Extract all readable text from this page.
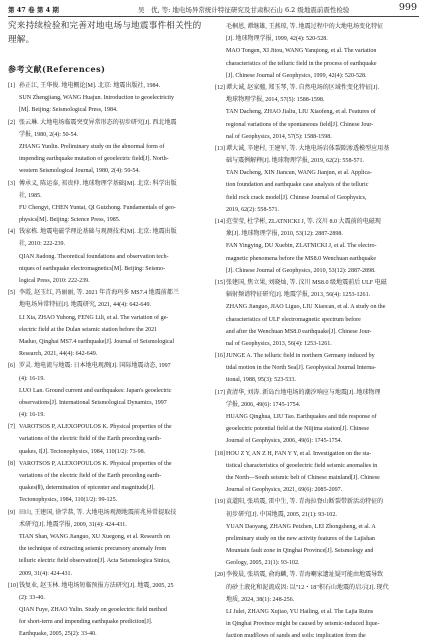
第 47 卷 第 4 期	吴　优, 等: 地电场异常统计特征研究及甘肃积石山 6.2 级地震前震性检验	999
究来持续检验和完善对地电场与地震事件相关性的
理解。
参考文献(References)
[1] 孙正江, 王华俊. 地电概论[M]. 北京: 地震出版社, 1984.
SUN Zhengjiang, WANG Huajun. Introduction to geoelectricity
[M]. Beijing: Seismological Press, 1984.
[2] 张云琳. 大地电场临震突变异常形态的初步研究[J]. 西北地震
学报, 1980, 2(4): 50-54.
ZHANG Yunlin. Preliminary study on the abnormal form of
impending earthquake mutation of geoelectric field[J]. North-
western Seismological Journal, 1980, 2(4): 50-54.
[3] 傅承义, 陈运泰, 祁贵仲. 地球物理学基础[M]. 北京: 科学出版
社, 1985.
FU Chengyi, CHEN Yuntai, QI Guizhong. Fundamentals of geo-
physics[M]. Beijing: Science Press, 1985.
[4] 钱家栋. 地震电磁学理论基础与观测技术[M]. 北京: 地震出版
社, 2010: 222-239.
QIAN Jiadong. Theoretical foundations and observation tech-
niques of earthquake electromagnetics[M]. Beijing: Seismo-
logical Press, 2010: 222-239.
[5] 李霞, 赵玉红, 冯丽丽, 等. 2021 年青海玛多 MS7.4 地震前都兰
地电场异常特征[J]. 地震研究, 2021, 44(4): 642-649.
LI Xia, ZHAO Yuhong, FENG Lili, et al. The variation of ge-
electric field at the Dulan seismic station before the 2021
Maduo, Qinghai MS7.4 earthquake[J]. Journal of Seismological
Research, 2021, 44(4): 642-649.
[6] 罗灵. 地电流与地震: 日本地电观测[J]. 国际地震动态, 1997
(4): 16-19.
LUO Lan. Ground current and earthquakes: Japan's geoelectric
observations[J]. International Seismological Dynamics, 1997
(4): 16-19.
[7] VAROTSOS P, ALEXOPOULOS K. Physical properties of the
variations of the electric field of the Earth preceding earth-
quakes, I[J]. Tectonophysics, 1984, 110(1/2): 73-98.
[8] VAROTSOS P, ALEXOPOULOS K. Physical properties of the
variations of the electric field of the Earth preceding earth-
quakes(Ⅱ), determination of epicenter and magnitude[J].
Tectonophysics, 1984, 110(1/2): 99-125.
[9] 田山, 王建国, 徐学恭, 等. 大地电场观测地震前兆异常提取技
术研究[J]. 地震学报, 2009, 31(4): 424-431.
TIAN Shan, WANG Jianguo, XU Xuegong, et al. Research on
the technique of extracting seismic precursory anomaly from
telluric electric field observation[J]. Acta Seismologica Sinica,
2009, 31(4): 424-431.
[10]钱复业, 赵玉林. 地电场短临预报方法研究[J]. 地震, 2005, 25
(2): 33-40.
QIAN Fuye, ZHAO Yulin. Study on geoelectric field method
for short-term and impending earthquake prediction[J].
Earthquake, 2005, 25(2): 33-40.
毛桐恩, 谭继雄, 王燕琼, 等. 地震过程中的大地电场变化特征
[J]. 地球物理学报, 1999, 42(4): 520-528.
MAO Tongen, XI Jitou, WANG Yanqiong, et al. The variation
characteristics of the telluric field in the process of earthquake
[J]. Chinese Journal of Geophysics, 1999, 42(4): 520-528.
[12]谭大诚, 赵家骝, 郑玉琴, 等. 自然电场的区域性变化特征[J].
地球物理学报, 2014, 57(5): 1588-1598.
TAN Dacheng, ZHAO Jialiu, LIU Xiaofeng, et al. Features of
regional variations of the spontaneous field[J]. Chinese Jour-
nal of Geophysics, 2014, 57(5): 1588-1598.
[13]谭大诚, 辛建村, 王建军, 等. 大地电场岩体裂隙渗透模型应用基
础与震例解释[J]. 地球物理学报, 2019, 62(2): 558-571.
TAN Dacheng, XIN Jiancun, WANG Jianjun, et al. Applica-
tion foundation and earthquake case analysis of the telluric
field rock crack model[J]. Chinese Journal of Geophysics,
2019, 62(2): 558-571.
[14]范莹莹, 杜学彬, ZLATNICKI J, 等. 汶川 8.0 大震前的电磁现
象[J]. 地球物理学报, 2010, 53(12): 2887-2898.
FAN Yingying, DU Xuebin, ZLATNICKI J, et al. The electro-
magnetic phenomena before the MS8.0 Wenchuan earthquake
[J]. Chinese Journal of Geophysics, 2010, 53(12): 2887-2898.
[15]张建国, 焦立果, 刘晓灿, 等. 汶川 MS8.0 级地震前后 ULF 电磁
辐射频谱特征研究[J]. 地震学报, 2013, 56(4): 1253-1261.
ZHANG Jianguo, JIAO Liguo, LIU Xiaocan, et al. A study on the
characteristics of ULF electromagnetic spectrum before
and after the Wenchuan MS8.0 earthquake[J]. Chinese Jour-
nal of Geophysics, 2013, 56(4): 1253-1261.
[16]JUNGE A. The telluric field in northern Germany induced by
tidal motion in the North Sea[J]. Geophysical Journal Interna-
tional, 1988, 95(3): 523-533.
[17]黄清华, 刘涛. 新岛台地电场的潮汐响应与地震[J]. 地球物理
学报, 2006, 49(6): 1745-1754.
HUANG Qinghua, LIU Tao. Earthquakes and tide response of
geoelectric potential field at the Niijima station[J]. Chinese
Journal of Geophysics, 2006, 49(6): 1745-1754.
[18]HOU Z Y, AN Z H, FAN Y Y, et al. Investigation on the sta-
tistical characteristics of geoelectric field seismic anomalies in
the North—South seismic belt of Chinese mainland[J]. Chinese
Journal of Geophysics, 2021, 69(6): 2085-2097.
[19]袁道阳, 张培震, 雷中生, 等. 青海拉脊山断裂带新活动特征的
初步研究[J]. 中国地震, 2005, 21(1): 93-102.
YUAN Daoyang, ZHANG Peizhen, LEI Zhongsheng, et al. A
preliminary study on the new activity features of the Lajishan
Mountain fault zone in Qinghai Province[J]. Seismology and
Geology, 2005, 21(1): 93-102.
[20]李俊晨, 张培震, 俞海麟, 等. 青海喇家遗址疑可能由地震导致
的砂土液化和泥流成因: 以"12・18"积石山地震的启示[J]. 现代
地质, 2024, 38(1): 248-256.
LI Julei, ZHANG Xujiao, YU Hailing, et al. The Lajia Ruins
in Qinghai Province might be caused by seismic-induced lique-
faction mudflows of sands and soils: implication from the
